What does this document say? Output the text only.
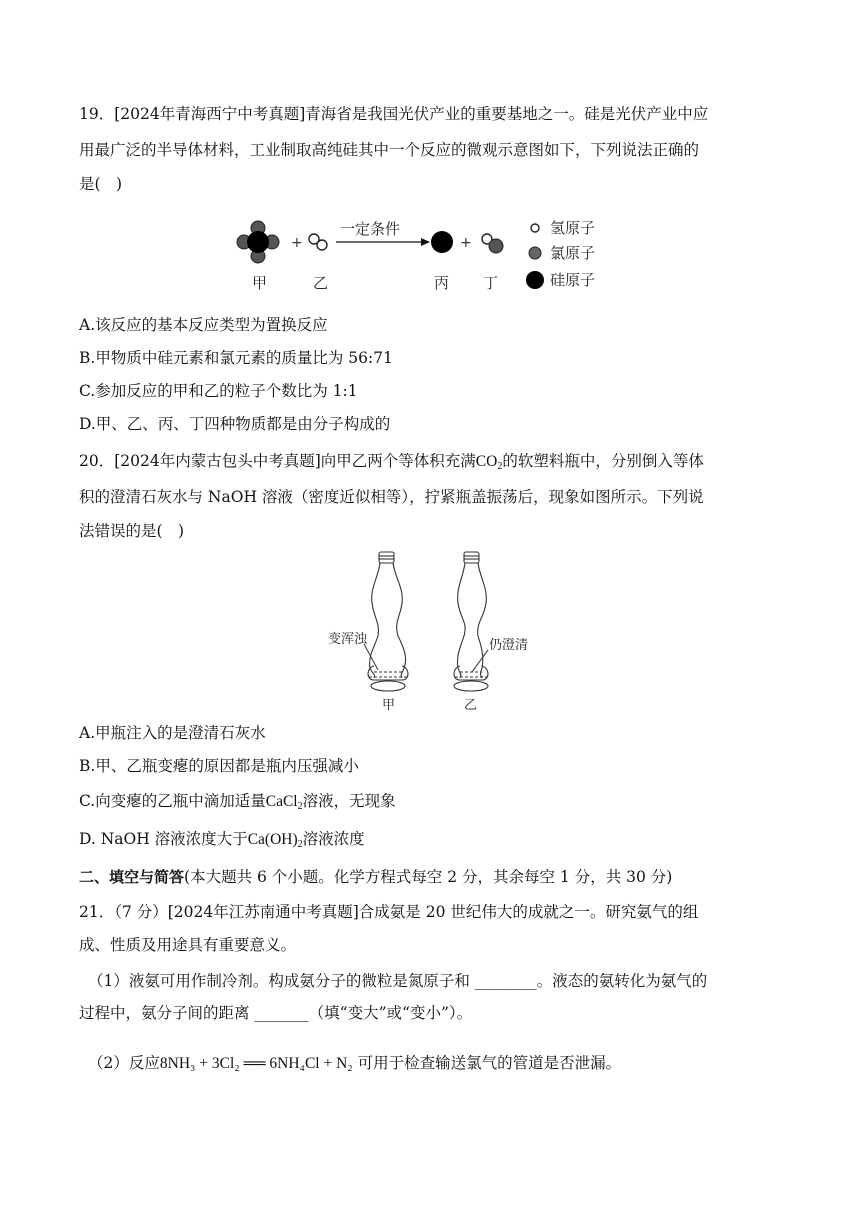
19．[2024年青海西宁中考真题]青海省是我国光伏产业的重要基地之一。硅是光伏产业中应
用最广泛的半导体材料，工业制取高纯硅其中一个反应的微观示意图如下，下列说法正确的
是(　)
+
一定条件
+
甲	乙	丙 丁
氢原子
氯原子
硅原子
A.该反应的基本反应类型为置换反应
B.甲物质中硅元素和氯元素的质量比为 56:71
C.参加反应的甲和乙的粒子个数比为 1:1
D.甲、乙、丙、丁四种物质都是由分子构成的
20．[2024年内蒙古包头中考真题]向甲乙两个等体积充满$CO_2$的软塑料瓶中，分别倒入等体
积的澄清石灰水与 NaOH 溶液（密度近似相等），拧紧瓶盖振荡后，现象如图所示。下列说
法错误的是(　)
变浑浊	仍澄清
甲	乙
A.甲瓶注入的是澄清石灰水
B.甲、乙瓶变瘪的原因都是瓶内压强减小
C.向变瘪的乙瓶中滴加适量CaCl$_2$溶液，无现象
D. NaOH 溶液浓度大于$Ca(OH)_2$溶液浓度
二、填空与简答(本大题共 6 个小题。化学方程式每空 2 分，其余每空 1 分，共 30 分)
21．（7 分）[2024年江苏南通中考真题]合成氨是 20 世纪伟大的成就之一。研究氨气的组
成、性质及用途具有重要意义。
（1）液氨可用作制冷剂。构成氨分子的微粒是氮原子和 ________。液态的氨转化为氨气的
过程中，氨分子间的距离 _______（填“变大”或“变小”）。
（2）反应8NH₃ + 3Cl₂ ══ 6NH₄Cl + N₂ 可用于检查输送氯气的管道是否泄漏。
